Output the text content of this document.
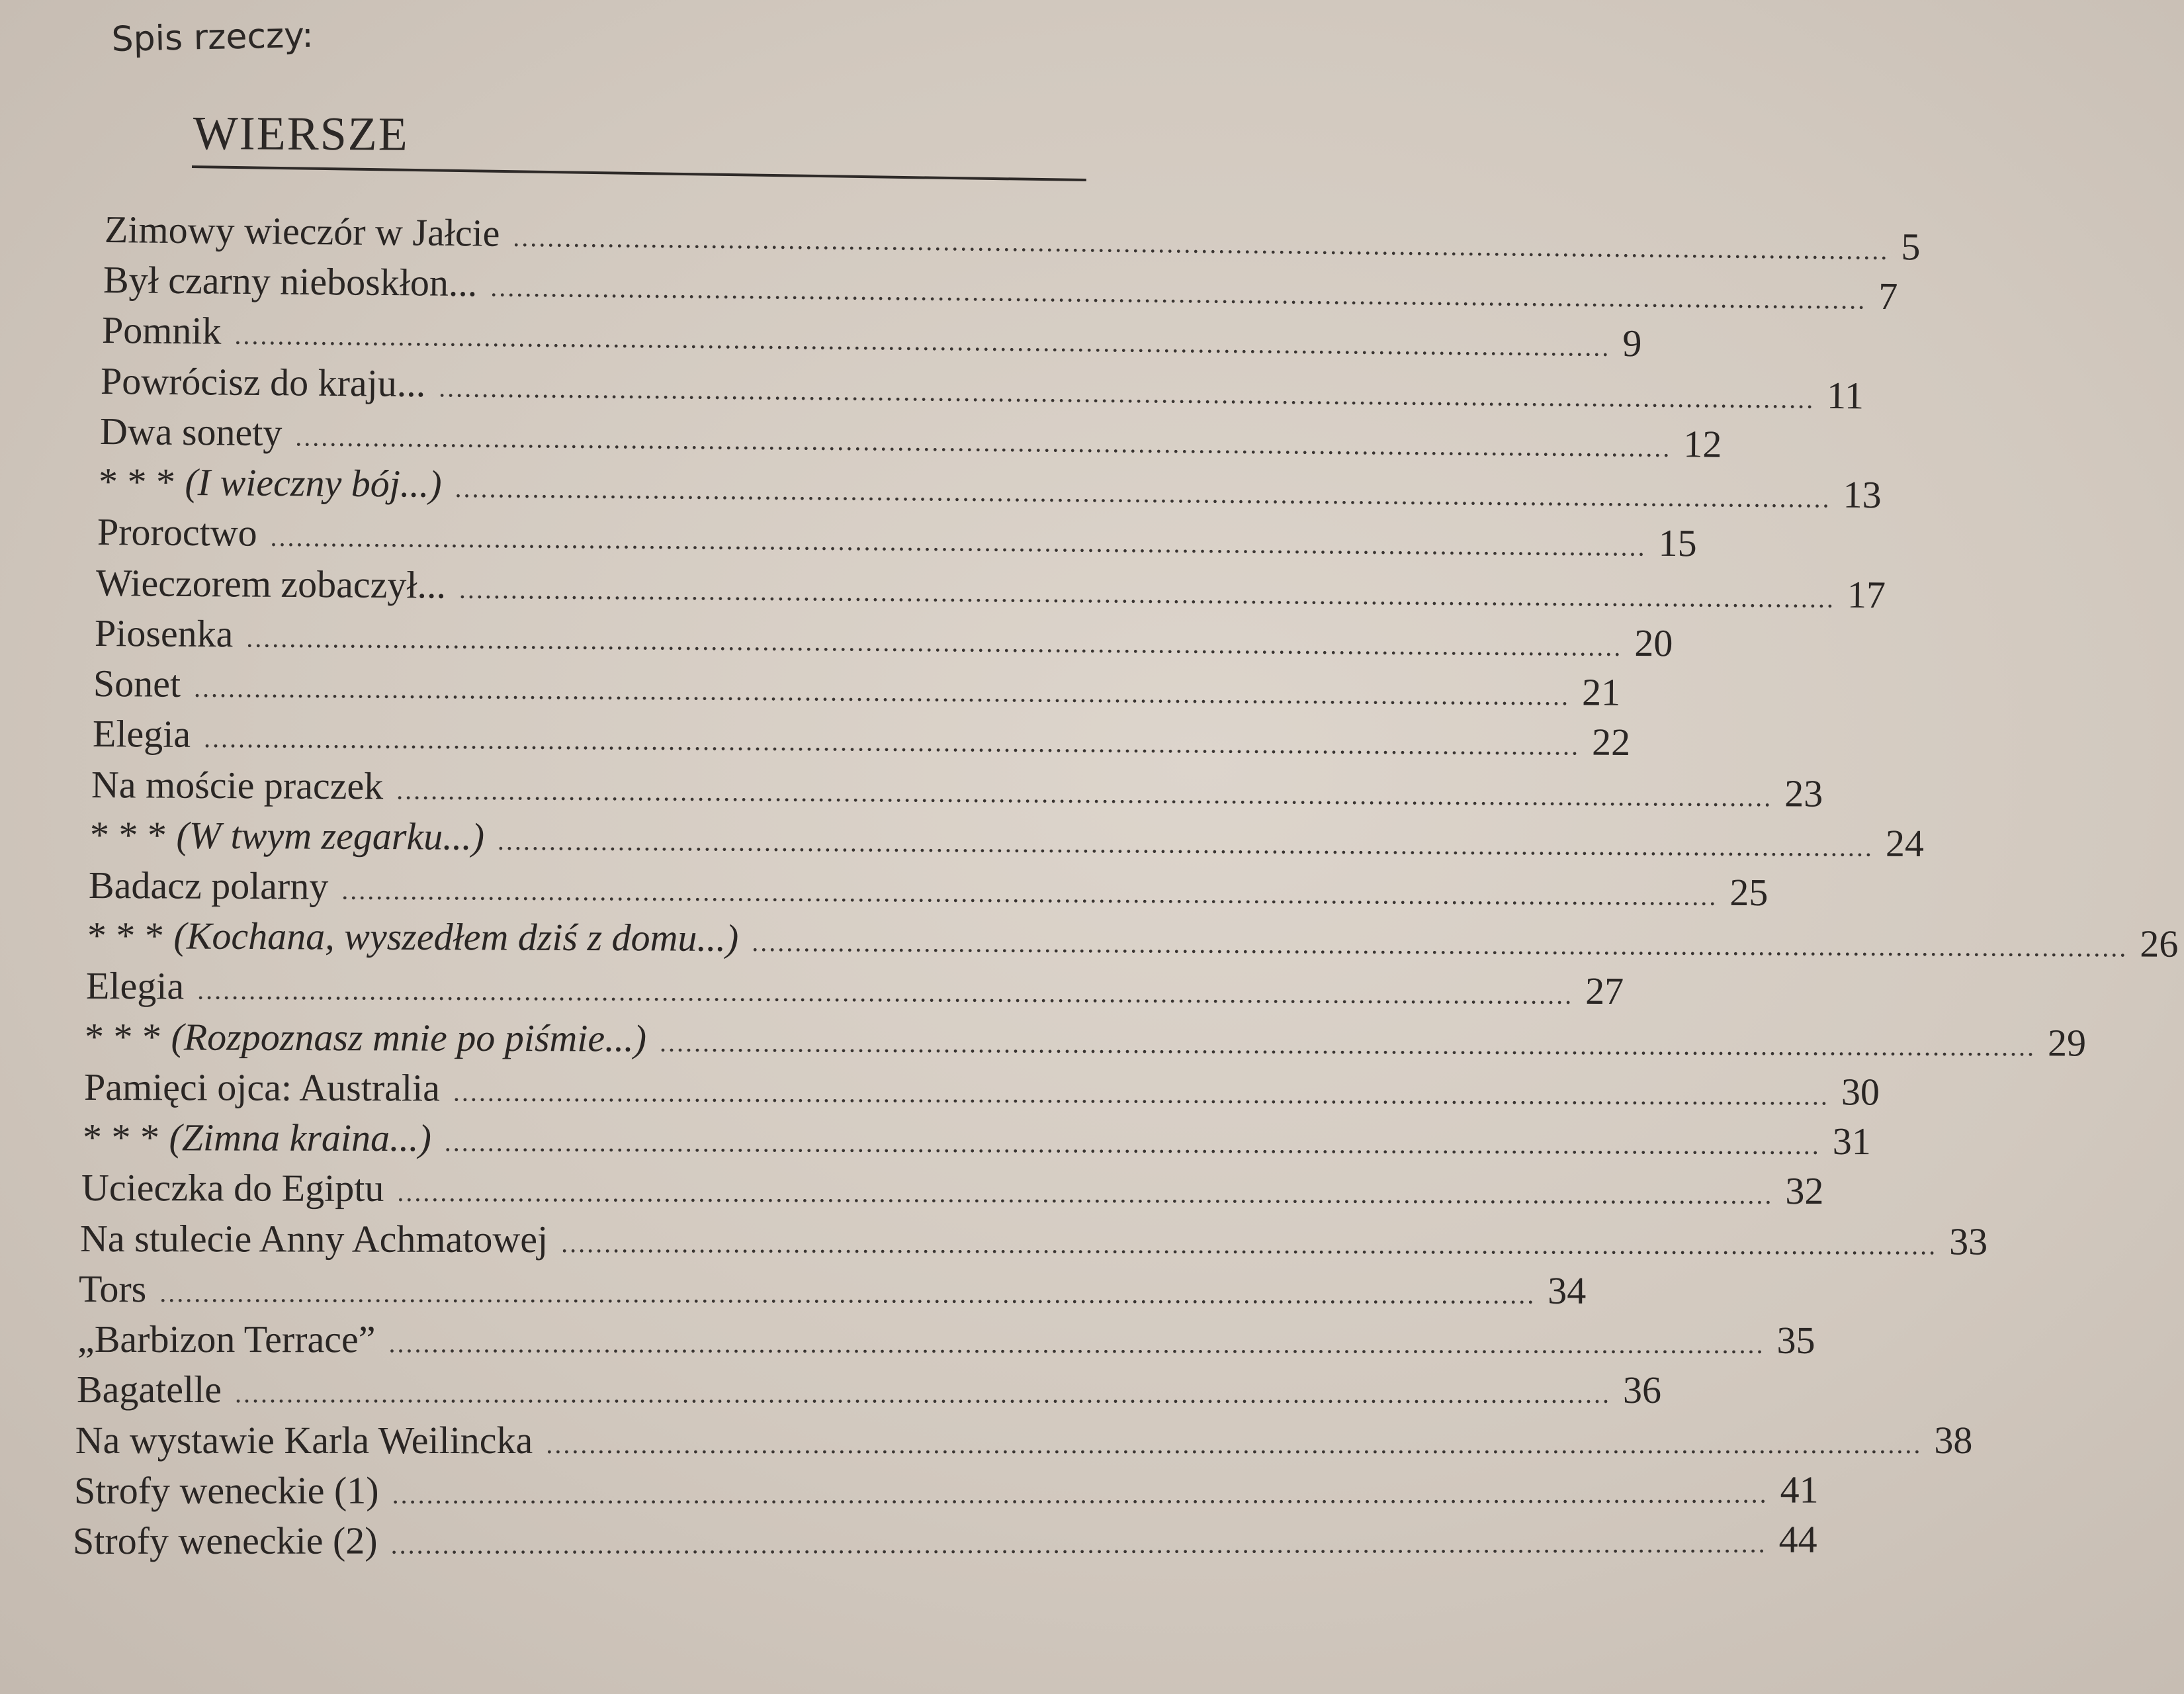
Spis rzeczy:
WIERSZE
Zimowy wieczór w Jałcie ................................................................................................................................................................ 5
Był czarny nieboskłon... ................................................................................................................................................................ 7
Pomnik ................................................................................................................................................................ 9
Powrócisz do kraju... ................................................................................................................................................................ 11
Dwa sonety ................................................................................................................................................................ 12
* * * (I wieczny bój...) ................................................................................................................................................................ 13
Proroctwo ................................................................................................................................................................ 15
Wieczorem zobaczył... ................................................................................................................................................................ 17
Piosenka ................................................................................................................................................................ 20
Sonet ................................................................................................................................................................ 21
Elegia ................................................................................................................................................................ 22
Na moście praczek ................................................................................................................................................................ 23
* * * (W twym zegarku...) ................................................................................................................................................................ 24
Badacz polarny ................................................................................................................................................................ 25
* * * (Kochana, wyszedłem dziś z domu...) ................................................................................................................................................................ 26
Elegia ................................................................................................................................................................ 27
* * * (Rozpoznasz mnie po piśmie...) ................................................................................................................................................................ 29
Pamięci ojca: Australia ................................................................................................................................................................ 30
* * * (Zimna kraina...) ................................................................................................................................................................ 31
Ucieczka do Egiptu ................................................................................................................................................................ 32
Na stulecie Anny Achmatowej ................................................................................................................................................................ 33
Tors ................................................................................................................................................................ 34
„Barbizon Terrace” ................................................................................................................................................................ 35
Bagatelle ................................................................................................................................................................ 36
Na wystawie Karla Weilincka ................................................................................................................................................................ 38
Strofy weneckie (1) ................................................................................................................................................................ 41
Strofy weneckie (2) ................................................................................................................................................................ 44
